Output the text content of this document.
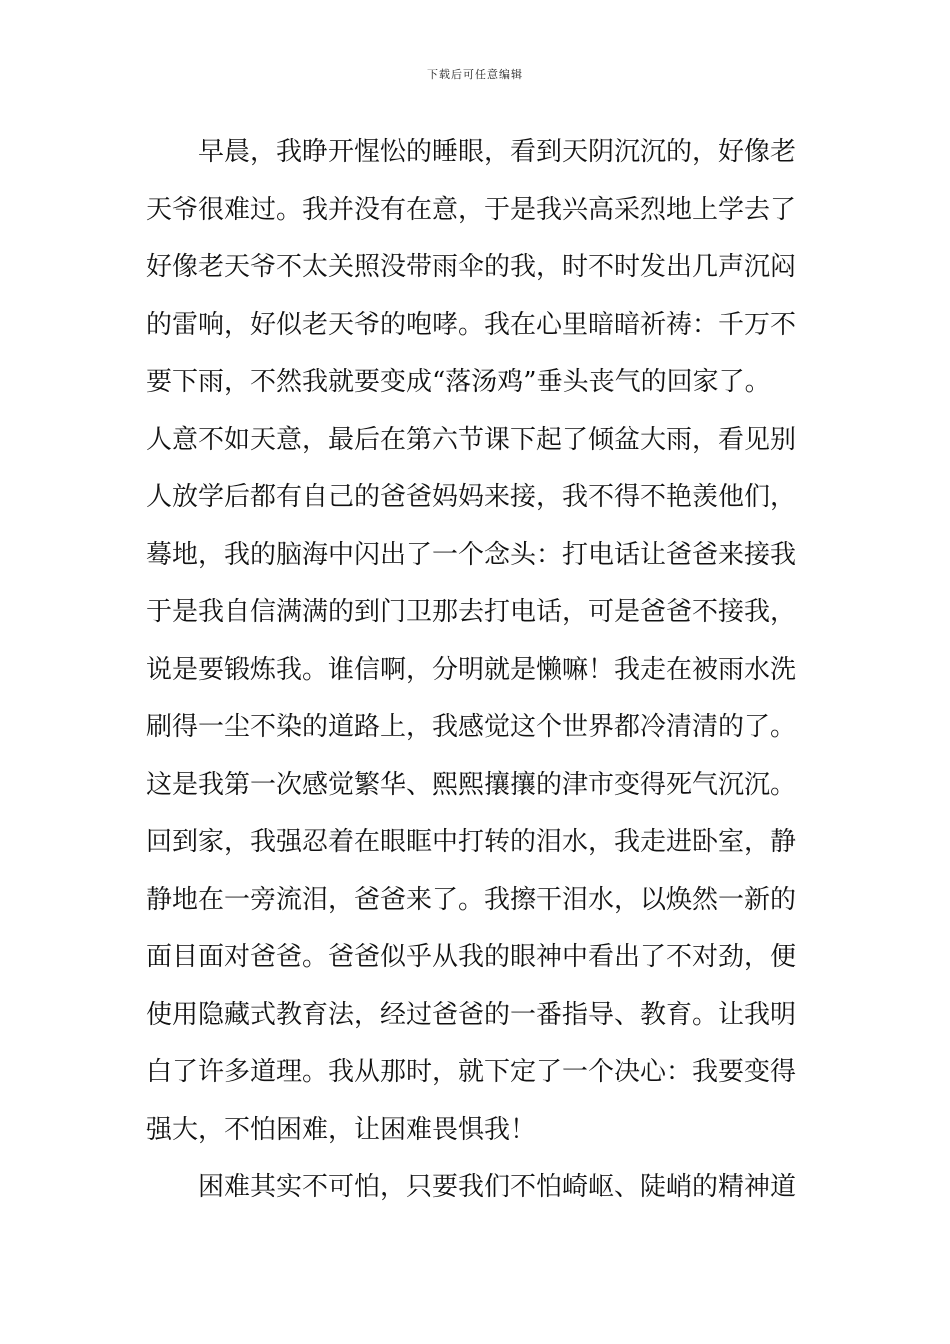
下载后可任意编辑
早晨，我睁开惺忪的睡眼，看到天阴沉沉的，好像老
天爷很难过。我并没有在意，于是我兴高采烈地上学去了
好像老天爷不太关照没带雨伞的我，时不时发出几声沉闷
的雷响，好似老天爷的咆哮。我在心里暗暗祈祷：千万不
要下雨，不然我就要变成“落汤鸡”垂头丧气的回家了。
人意不如天意，最后在第六节课下起了倾盆大雨，看见别
人放学后都有自己的爸爸妈妈来接，我不得不艳羡他们，
蓦地，我的脑海中闪出了一个念头：打电话让爸爸来接我
于是我自信满满的到门卫那去打电话，可是爸爸不接我，
说是要锻炼我。谁信啊，分明就是懒嘛！我走在被雨水洗
刷得一尘不染的道路上，我感觉这个世界都冷清清的了。
这是我第一次感觉繁华、熙熙攘攘的津市变得死气沉沉。
回到家，我强忍着在眼眶中打转的泪水，我走进卧室，静
静地在一旁流泪，爸爸来了。我擦干泪水，以焕然一新的
面目面对爸爸。爸爸似乎从我的眼神中看出了不对劲，便
使用隐藏式教育法，经过爸爸的一番指导、教育。让我明
白了许多道理。我从那时，就下定了一个决心：我要变得
强大，不怕困难，让困难畏惧我！
困难其实不可怕，只要我们不怕崎岖、陡峭的精神道
